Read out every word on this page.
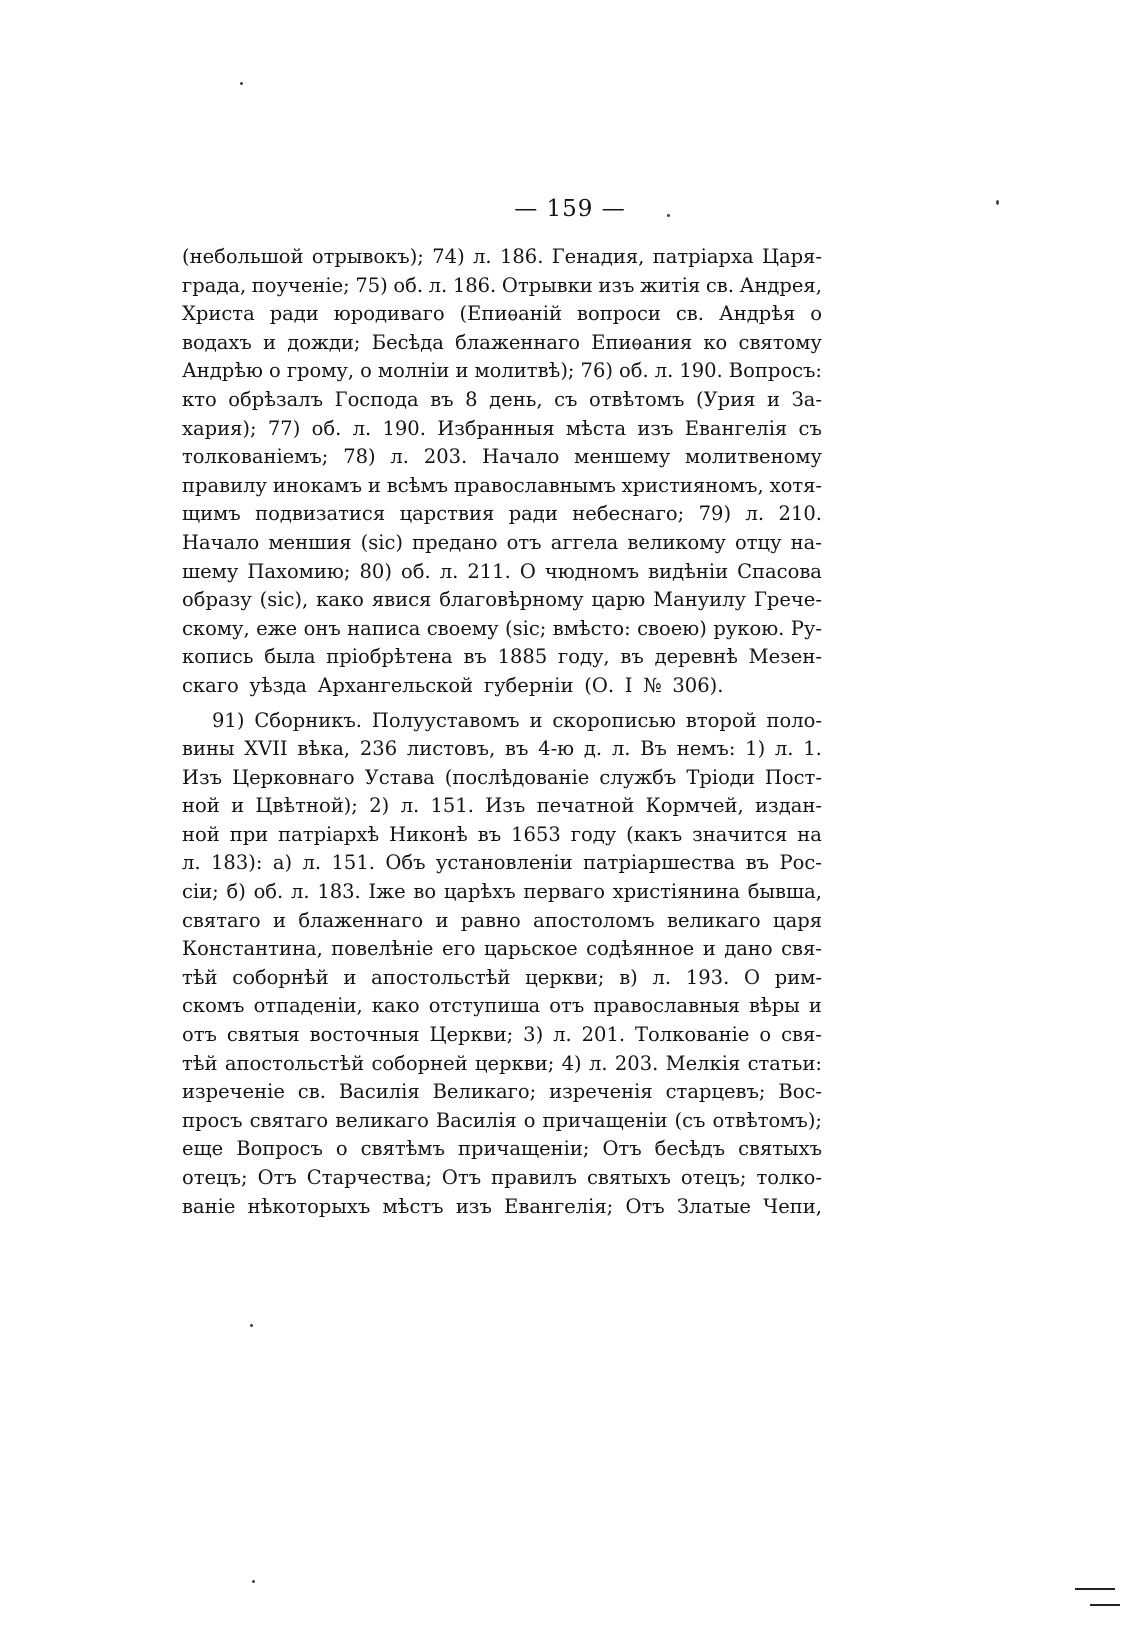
— 159 —
(небольшой отрывокъ); 74) л. 186. Генадия, патріарха Царя-
града, поученіе; 75) об. л. 186. Отрывки изъ житія св. Андрея,
Христа ради юродиваго (Епиѳаній вопроси св. Андрѣя о
водахъ и дожди; Бесѣда блаженнаго Епиѳания ко святому
Андрѣю о грому, о молніи и молитвѣ); 76) об. л. 190. Вопросъ:
кто обрѣзалъ Господа въ 8 день, съ отвѣтомъ (Урия и За-
хария); 77) об. л. 190. Избранныя мѣста изъ Евангелія съ
толкованіемъ; 78) л. 203. Начало меншему молитвеному
правилу инокамъ и всѣмъ православнымъ християномъ, хотя-
щимъ подвизатися царствия ради небеснаго; 79) л. 210.
Начало меншия (sic) предано отъ аггела великому отцу на-
шему Пахомию; 80) об. л. 211. О чюдномъ видѣніи Спасова
образу (sic), како явися благовѣрному царю Мануилу Грече-
скому, еже онъ написа своему (sic; вмѣсто: своею) рукою. Ру-
копись была пріобрѣтена въ 1885 году, въ деревнѣ Мезен-
скаго уѣзда Архангельской губерніи (О. I № 306).
91) Сборникъ. Полууставомъ и скорописью второй поло-
вины XVII вѣка, 236 листовъ, въ 4-ю д. л. Въ немъ: 1) л. 1.
Изъ Церковнаго Устава (послѣдованіе службъ Тріоди Пост-
ной и Цвѣтной); 2) л. 151. Изъ печатной Кормчей, издан-
ной при патріархѣ Никонѣ въ 1653 году (какъ значится на
л. 183): а) л. 151. Объ установленіи патріаршества въ Рос-
сіи; б) об. л. 183. Іже во царѣхъ перваго христіянина бывша,
святаго и блаженнаго и равно апостоломъ великаго царя
Константина, повелѣніе его царьское содѣянное и дано свя-
тѣй соборнѣй и апостольстѣй церкви; в) л. 193. О рим-
скомъ отпаденіи, како отступиша отъ православныя вѣры и
отъ святыя восточныя Церкви; 3) л. 201. Толкованіе о свя-
тѣй апостольстѣй соборней церкви; 4) л. 203. Мелкія статьи:
изреченіе св. Василія Великаго; изреченія старцевъ; Вос-
просъ святаго великаго Василія о причащеніи (съ отвѣтомъ);
еще Вопросъ о святѣмъ причащеніи; Отъ бесѣдъ святыхъ
отецъ; Отъ Старчества; Отъ правилъ святыхъ отецъ; толко-
ваніе нѣкоторыхъ мѣстъ изъ Евангелія; Отъ Златые Чепи,
